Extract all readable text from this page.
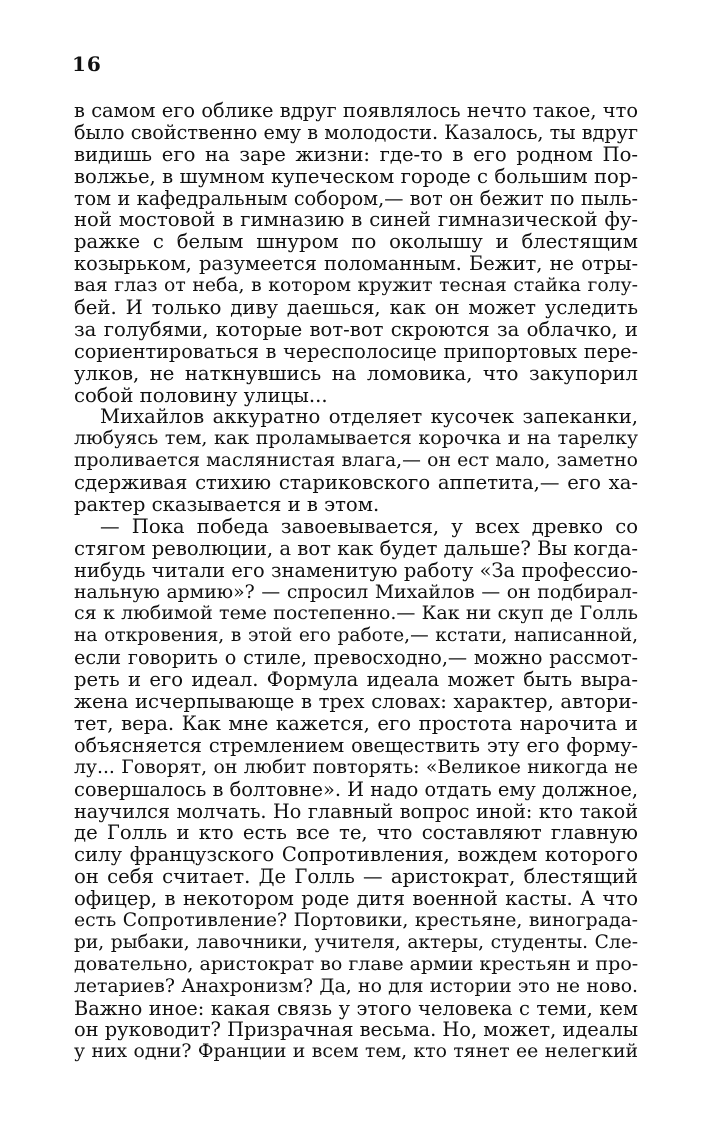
16
в самом его облике вдруг появлялось нечто такое, что
было свойственно ему в молодости. Казалось, ты вдруг
видишь его на заре жизни: где-то в его родном По-
волжье, в шумном купеческом городе с большим пор-
том и кафедральным собором,— вот он бежит по пыль-
ной мостовой в гимназию в синей гимназической фу-
ражке с белым шнуром по околышу и блестящим
козырьком, разумеется поломанным. Бежит, не отры-
вая глаз от неба, в котором кружит тесная стайка голу-
бей. И только диву даешься, как он может уследить
за голубями, которые вот-вот скроются за облачко, и
сориентироваться в чересполосице припортовых пере-
улков, не наткнувшись на ломовика, что закупорил
собой половину улицы...
Михайлов аккуратно отделяет кусочек запеканки,
любуясь тем, как проламывается корочка и на тарелку
проливается маслянистая влага,— он ест мало, заметно
сдерживая стихию стариковского аппетита,— его ха-
рактер сказывается и в этом.
— Пока победа завоевывается, у всех древко со
стягом революции, а вот как будет дальше? Вы когда-
нибудь читали его знаменитую работу «За профессио-
нальную армию»? — спросил Михайлов — он подбирал-
ся к любимой теме постепенно.— Как ни скуп де Голль
на откровения, в этой его работе,— кстати, написанной,
если говорить о стиле, превосходно,— можно рассмот-
реть и его идеал. Формула идеала может быть выра-
жена исчерпывающе в трех словах: характер, автори-
тет, вера. Как мне кажется, его простота нарочита и
объясняется стремлением овеществить эту его форму-
лу... Говорят, он любит повторять: «Великое никогда не
совершалось в болтовне». И надо отдать ему должное,
научился молчать. Но главный вопрос иной: кто такой
де Голль и кто есть все те, что составляют главную
силу французского Сопротивления, вождем которого
он себя считает. Де Голль — аристократ, блестящий
офицер, в некотором роде дитя военной касты. А что
есть Сопротивление? Портовики, крестьяне, винограда-
ри, рыбаки, лавочники, учителя, актеры, студенты. Сле-
довательно, аристократ во главе армии крестьян и про-
летариев? Анахронизм? Да, но для истории это не ново.
Важно иное: какая связь у этого человека с теми, кем
он руководит? Призрачная весьма. Но, может, идеалы
у них одни? Франции и всем тем, кто тянет ее нелегкий
